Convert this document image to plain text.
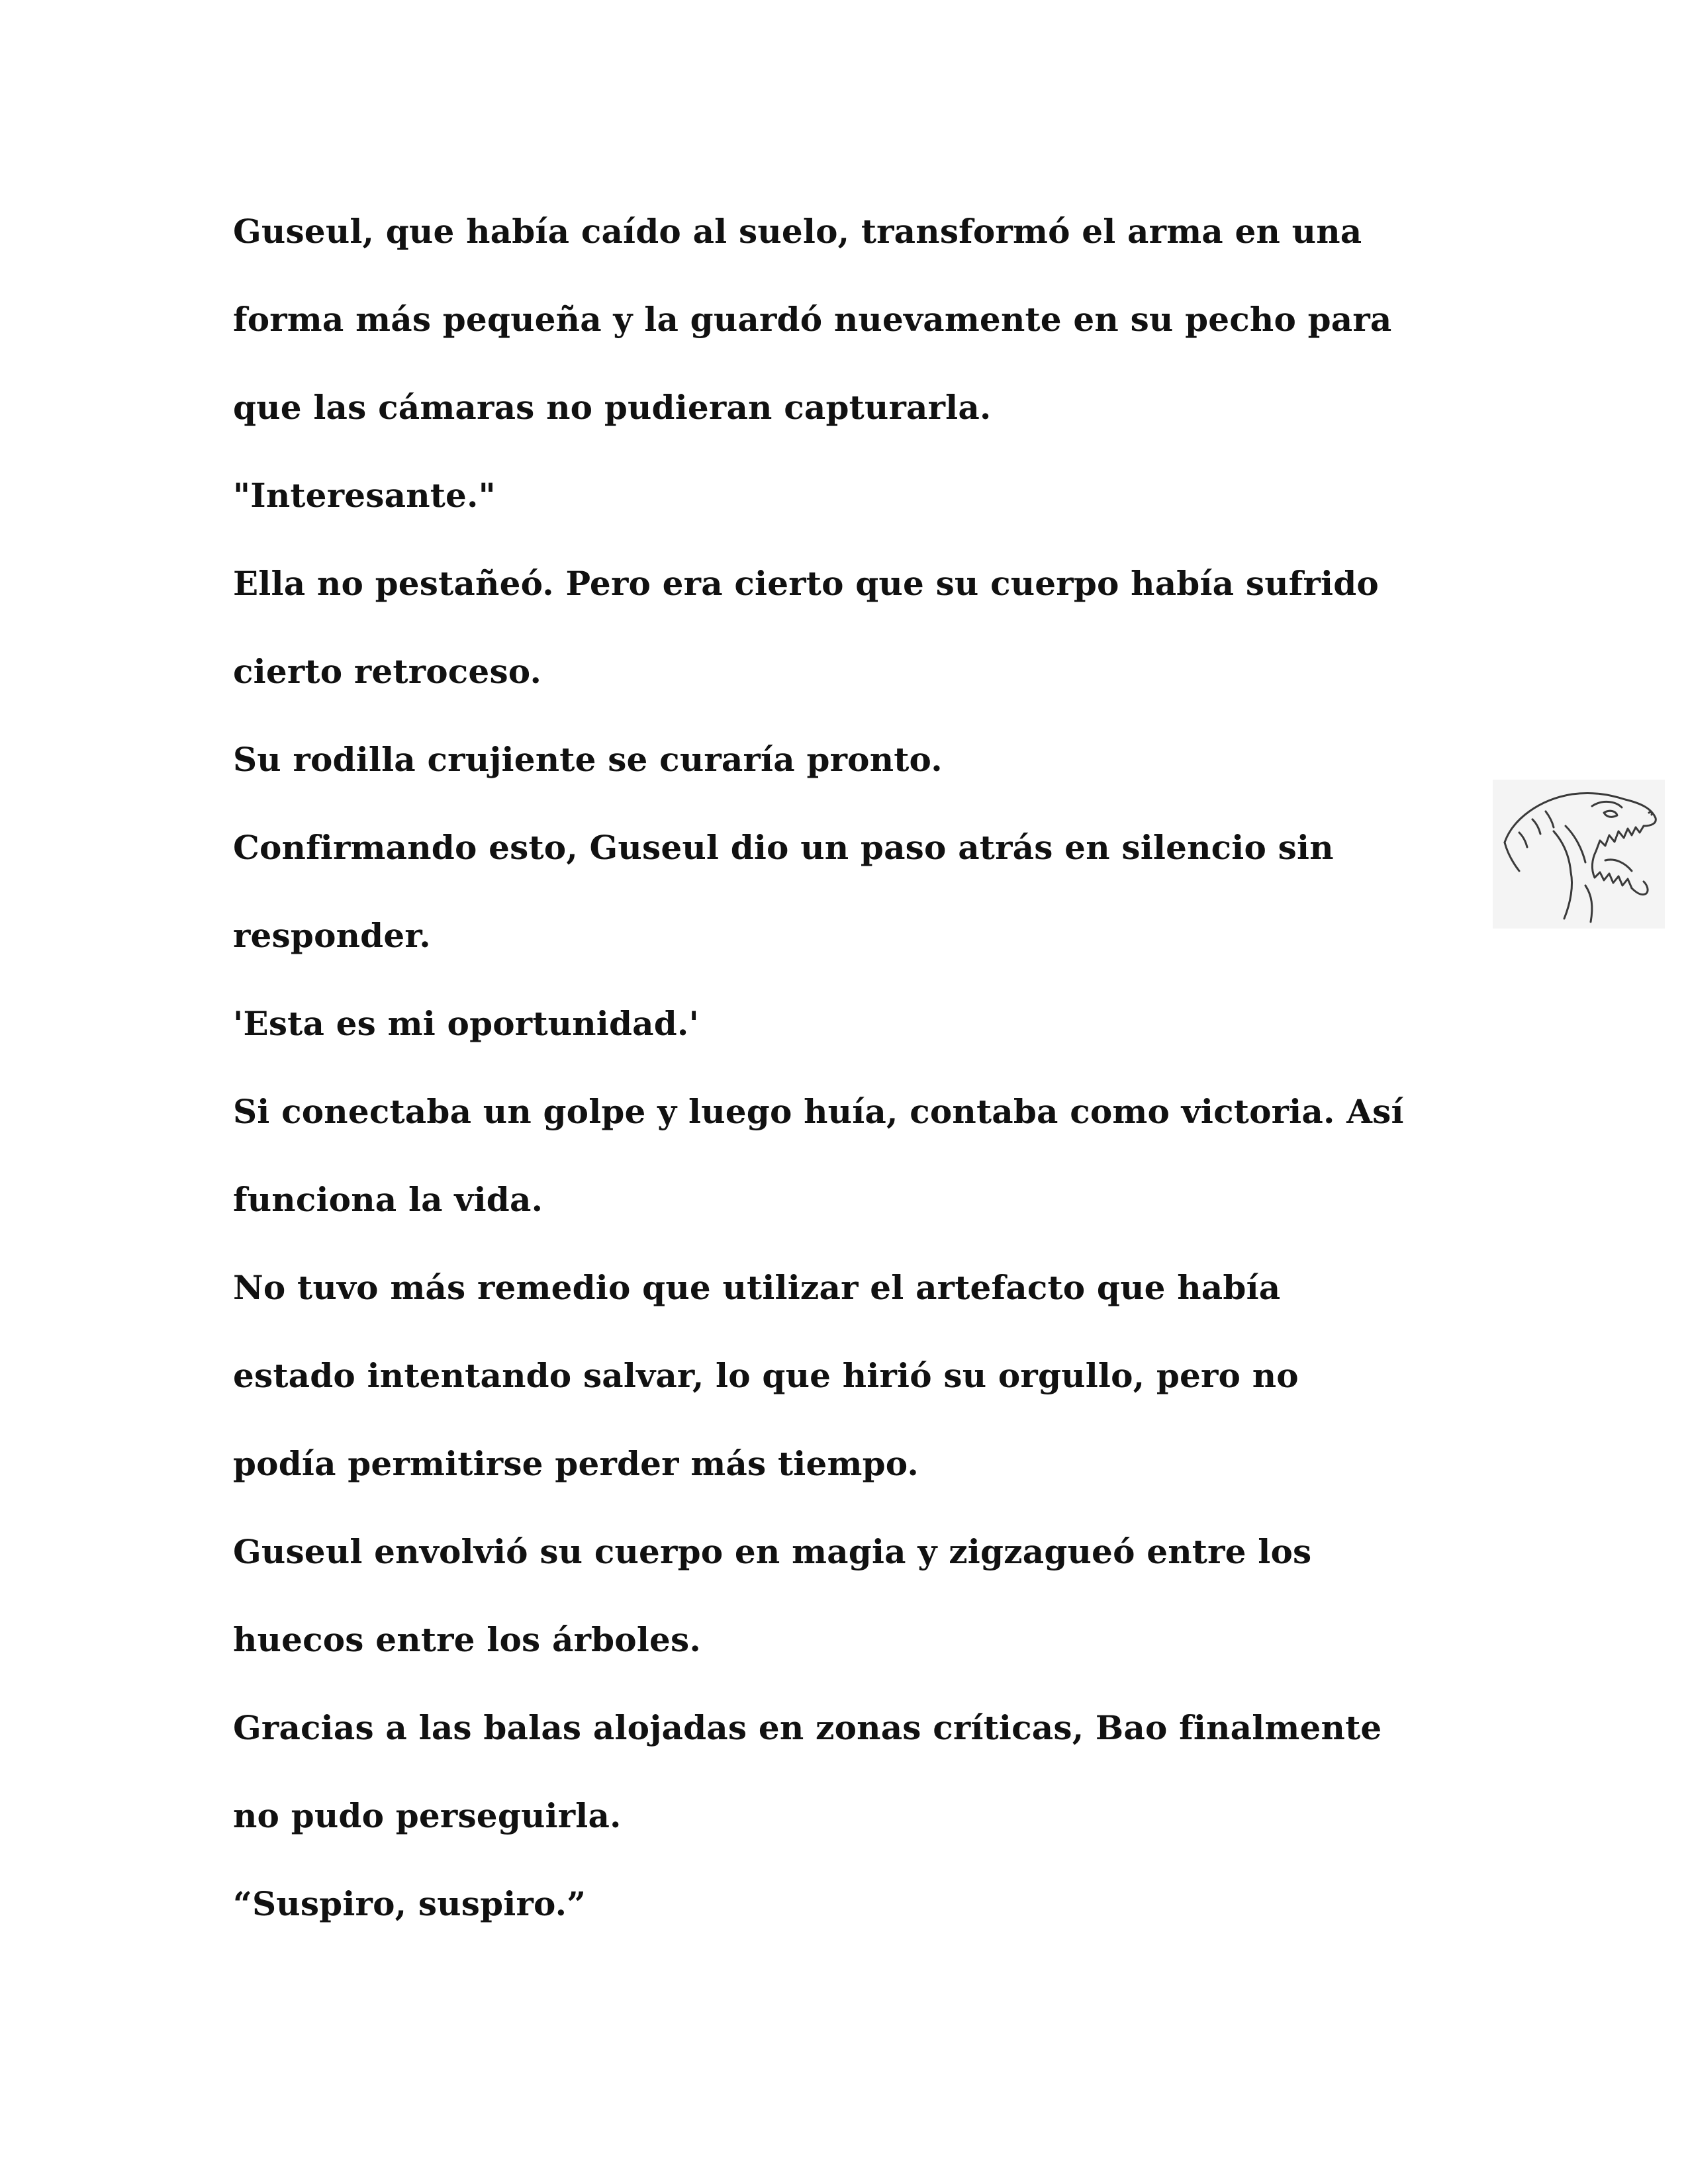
Guseul, que había caído al suelo, transformó el arma en una
forma más pequeña y la guardó nuevamente en su pecho para
que las cámaras no pudieran capturarla.
"Interesante."
Ella no pestañeó. Pero era cierto que su cuerpo había sufrido
cierto retroceso.
Su rodilla crujiente se curaría pronto.
Confirmando esto, Guseul dio un paso atrás en silencio sin
responder.
'Esta es mi oportunidad.'
Si conectaba un golpe y luego huía, contaba como victoria. Así
funciona la vida.
No tuvo más remedio que utilizar el artefacto que había
estado intentando salvar, lo que hirió su orgullo, pero no
podía permitirse perder más tiempo.
Guseul envolvió su cuerpo en magia y zigzagueó entre los
huecos entre los árboles.
Gracias a las balas alojadas en zonas críticas, Bao finalmente
no pudo perseguirla.
“Suspiro, suspiro.”
